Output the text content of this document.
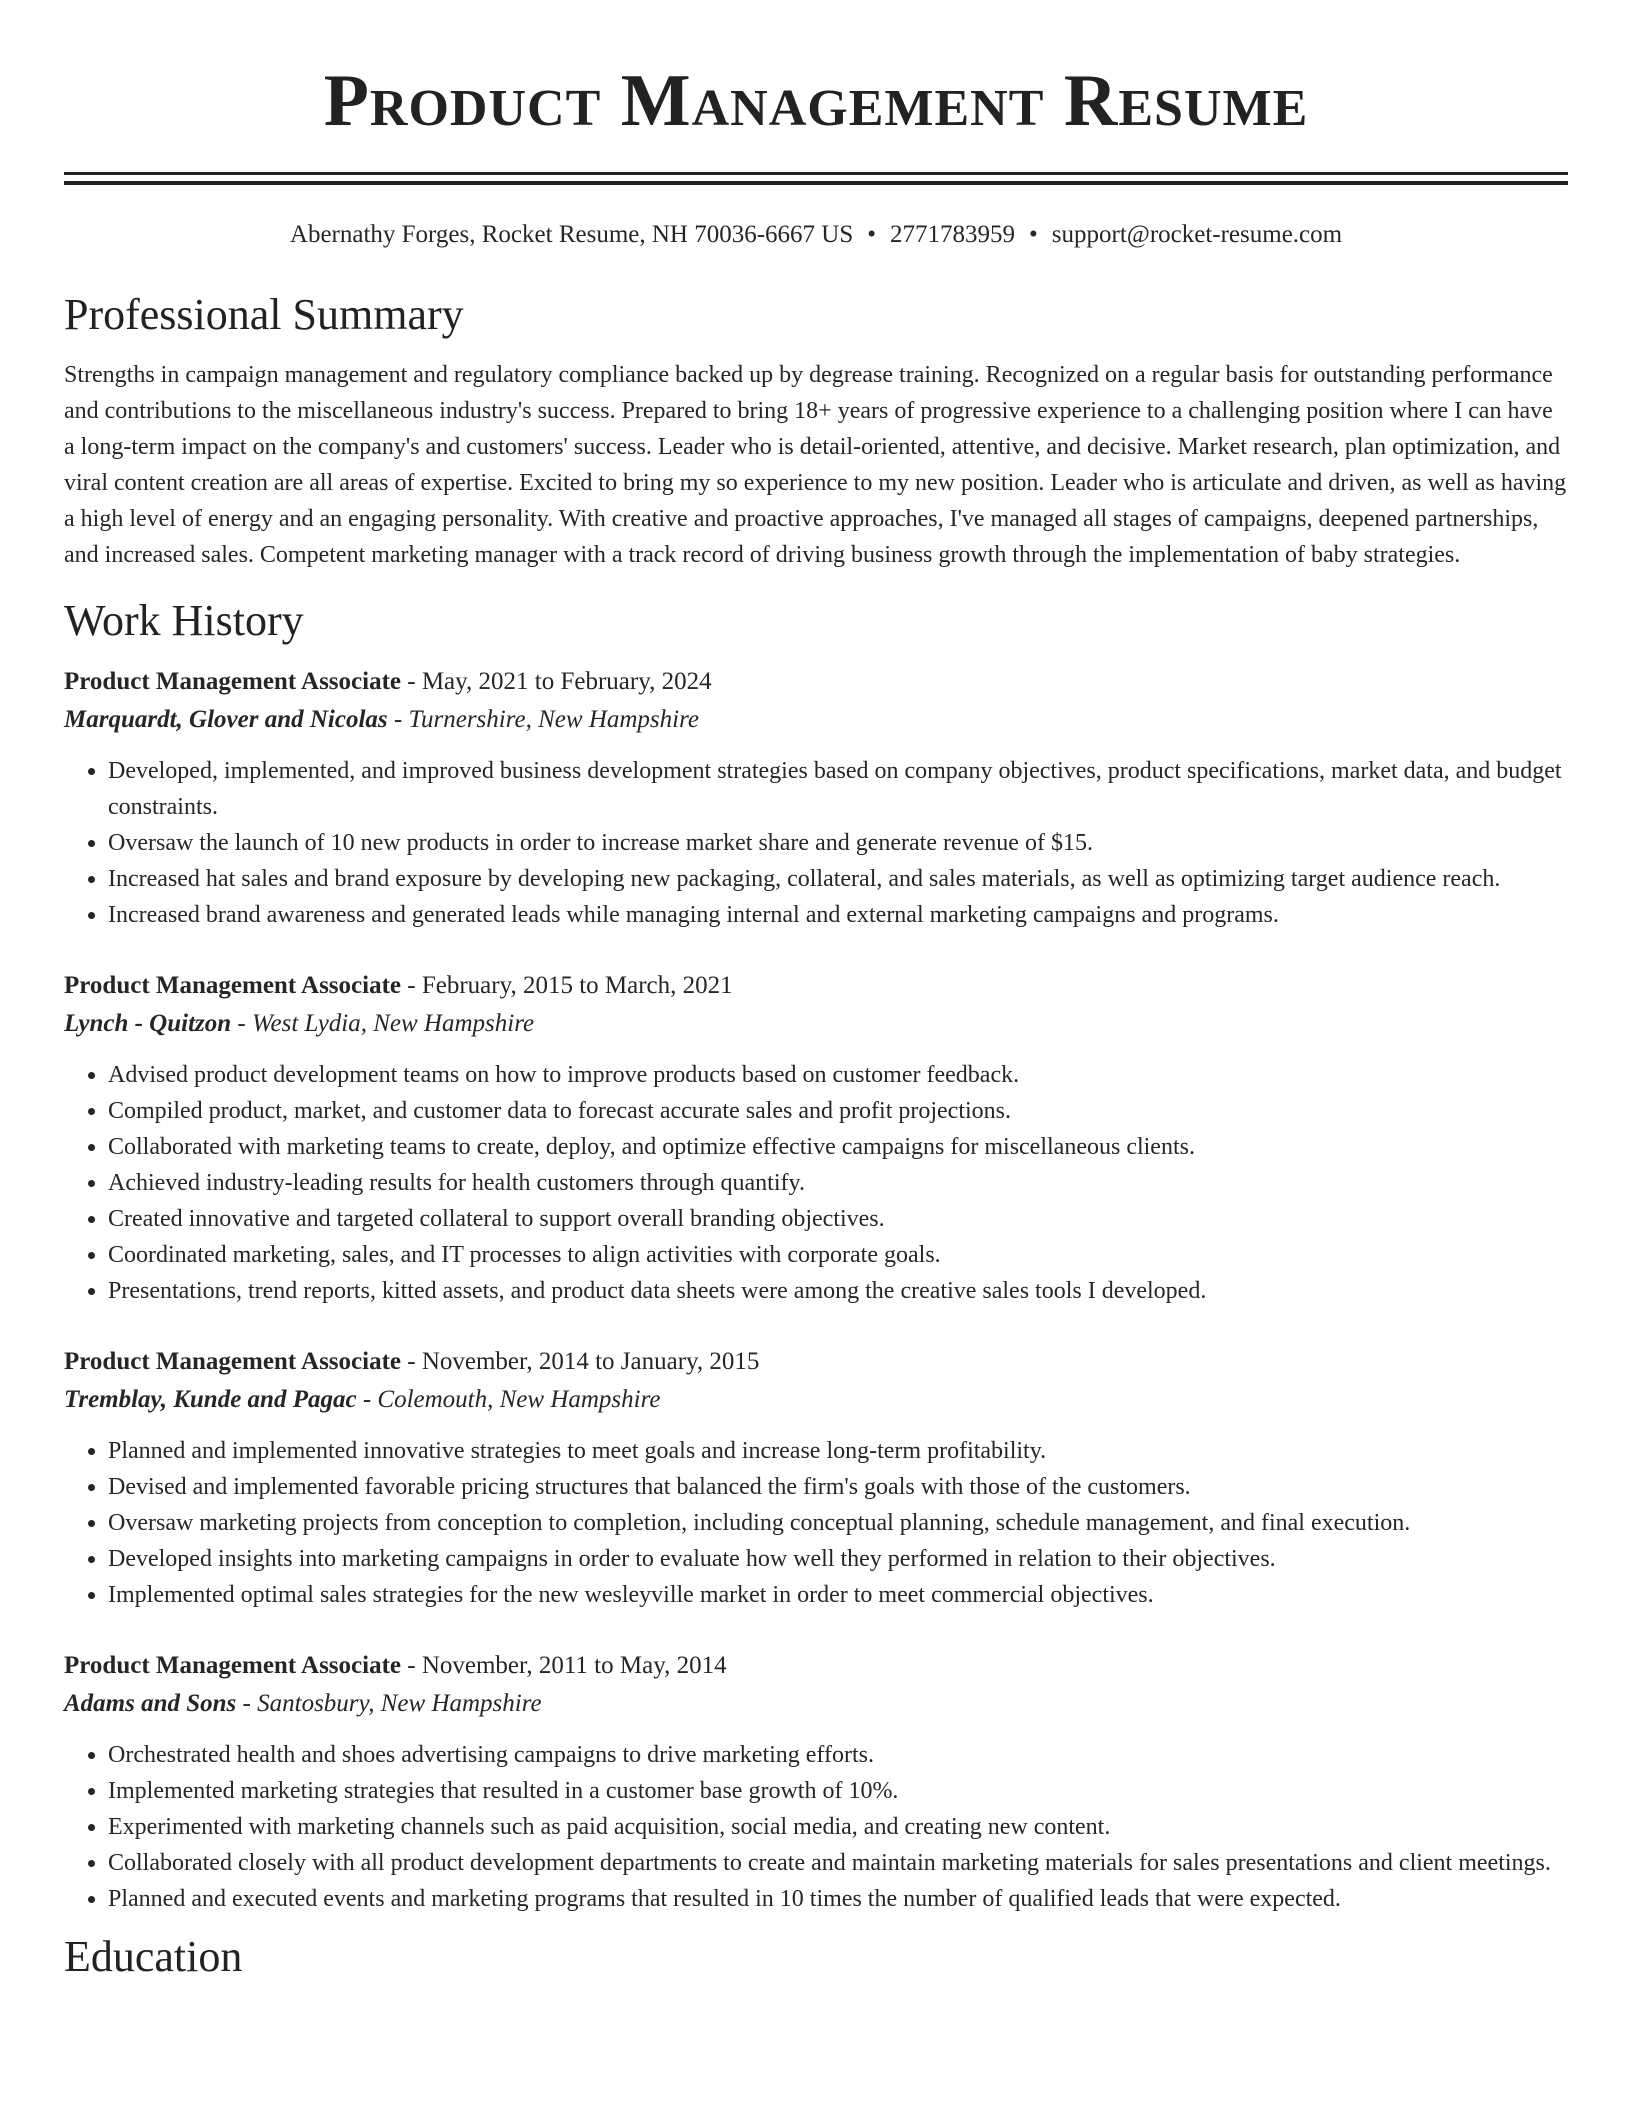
Product Management Resume
Abernathy Forges, Rocket Resume, NH 70036-6667 US • 2771783959 • support@rocket-resume.com
Professional Summary

Strengths in campaign management and regulatory compliance backed up by degrease training. Recognized on a regular basis for outstanding performance and contributions to the miscellaneous industry's success. Prepared to bring 18+ years of progressive experience to a challenging position where I can have a long-term impact on the company's and customers' success. Leader who is detail-oriented, attentive, and decisive. Market research, plan optimization, and viral content creation are all areas of expertise. Excited to bring my so experience to my new position. Leader who is articulate and driven, as well as having a high level of energy and an engaging personality. With creative and proactive approaches, I've managed all stages of campaigns, deepened partnerships, and increased sales. Competent marketing manager with a track record of driving business growth through the implementation of baby strategies.

Work History
Product Management Associate - May, 2021 to February, 2024
Marquardt, Glover and Nicolas - Turnershire, New Hampshire
• Developed, implemented, and improved business development strategies based on company objectives, product specifications, market data, and budget constraints.
• Oversaw the launch of 10 new products in order to increase market share and generate revenue of $15.
• Increased hat sales and brand exposure by developing new packaging, collateral, and sales materials, as well as optimizing target audience reach.
• Increased brand awareness and generated leads while managing internal and external marketing campaigns and programs.
Product Management Associate - February, 2015 to March, 2021
Lynch - Quitzon - West Lydia, New Hampshire
• Advised product development teams on how to improve products based on customer feedback.
• Compiled product, market, and customer data to forecast accurate sales and profit projections.
• Collaborated with marketing teams to create, deploy, and optimize effective campaigns for miscellaneous clients.
• Achieved industry-leading results for health customers through quantify.
• Created innovative and targeted collateral to support overall branding objectives.
• Coordinated marketing, sales, and IT processes to align activities with corporate goals.
• Presentations, trend reports, kitted assets, and product data sheets were among the creative sales tools I developed.
Product Management Associate - November, 2014 to January, 2015
Tremblay, Kunde and Pagac - Colemouth, New Hampshire
• Planned and implemented innovative strategies to meet goals and increase long-term profitability.
• Devised and implemented favorable pricing structures that balanced the firm's goals with those of the customers.
• Oversaw marketing projects from conception to completion, including conceptual planning, schedule management, and final execution.
• Developed insights into marketing campaigns in order to evaluate how well they performed in relation to their objectives.
• Implemented optimal sales strategies for the new wesleyville market in order to meet commercial objectives.
Product Management Associate - November, 2011 to May, 2014
Adams and Sons - Santosbury, New Hampshire
• Orchestrated health and shoes advertising campaigns to drive marketing efforts.
• Implemented marketing strategies that resulted in a customer base growth of 10%.
• Experimented with marketing channels such as paid acquisition, social media, and creating new content.
• Collaborated closely with all product development departments to create and maintain marketing materials for sales presentations and client meetings.
• Planned and executed events and marketing programs that resulted in 10 times the number of qualified leads that were expected.
Education
